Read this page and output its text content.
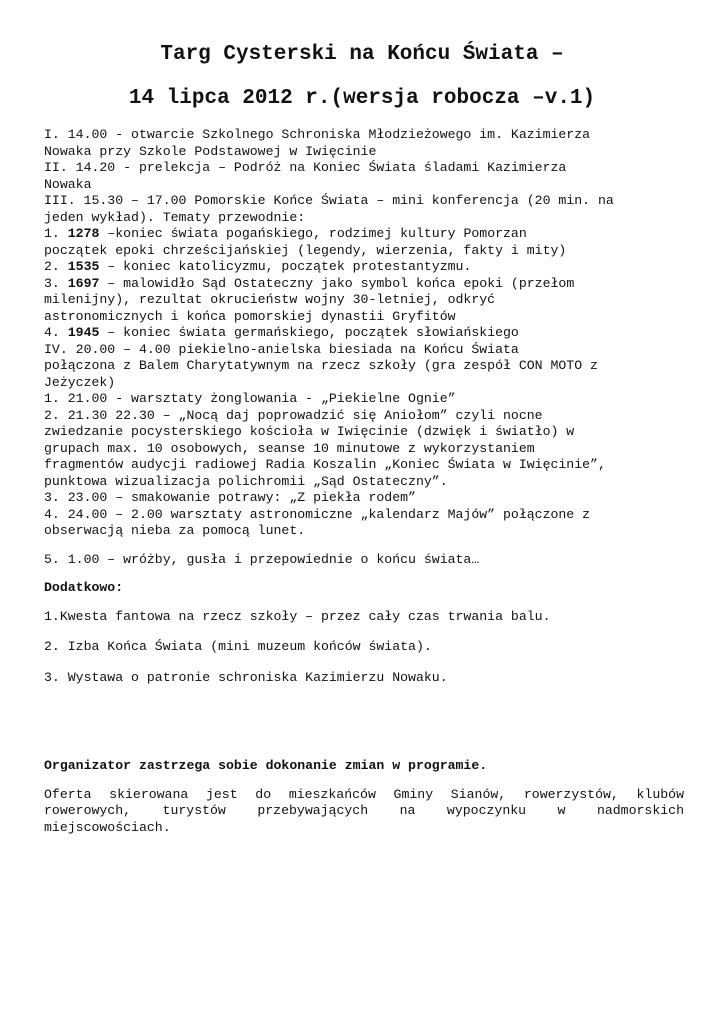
Targ Cysterski na Końcu Świata –
14 lipca 2012 r.(wersja robocza –v.1)
I. 14.00 - otwarcie Szkolnego Schroniska Młodzieżowego im. Kazimierza
Nowaka przy Szkole Podstawowej w Iwięcinie
II. 14.20 - prelekcja – Podróż na Koniec Świata śladami Kazimierza
Nowaka
III. 15.30 – 17.00 Pomorskie Końce Świata – mini konferencja (20 min. na
jeden wykład). Tematy przewodnie:
1. 1278 –koniec świata pogańskiego, rodzimej kultury Pomorzan
początek epoki chrześcijańskiej (legendy, wierzenia, fakty i mity)
2. 1535 – koniec katolicyzmu, początek protestantyzmu.
3. 1697 – malowidło Sąd Ostateczny jako symbol końca epoki (przełom
milenijny), rezultat okrucieństw wojny 30-letniej, odkryć
astronomicznych i końca pomorskiej dynastii Gryfitów
4. 1945 – koniec świata germańskiego, początek słowiańskiego
IV. 20.00 – 4.00 piekielno-anielska biesiada na Końcu Świata
połączona z Balem Charytatywnym na rzecz szkoły (gra zespół CON MOTO z
Jeżyczek)
1. 21.00 - warsztaty żonglowania - „Piekielne Ognie”
2. 21.30 22.30 – „Nocą daj poprowadzić się Aniołom” czyli nocne
zwiedzanie pocysterskiego kościoła w Iwięcinie (dzwięk i światło) w
grupach max. 10 osobowych, seanse 10 minutowe z wykorzystaniem
fragmentów audycji radiowej Radia Koszalin „Koniec Świata w Iwięcinie”,
punktowa wizualizacja polichromii „Sąd Ostateczny”.
3. 23.00 – smakowanie potrawy: „Z piekła rodem”
4. 24.00 – 2.00 warsztaty astronomiczne „kalendarz Majów” połączone z
obserwacją nieba za pomocą lunet.
5. 1.00 – wróżby, gusła i przepowiednie o końcu świata…
Dodatkowo:
1.Kwesta fantowa na rzecz szkoły – przez cały czas trwania balu.
2. Izba Końca Świata (mini muzeum końców świata).
3. Wystawa o patronie schroniska Kazimierzu Nowaku.
Organizator zastrzega sobie dokonanie zmian w programie.
Oferta skierowana jest do mieszkańców Gminy Sianów, rowerzystów, klubów
rowerowych, turystów przebywających na wypoczynku w nadmorskich
miejscowościach.
